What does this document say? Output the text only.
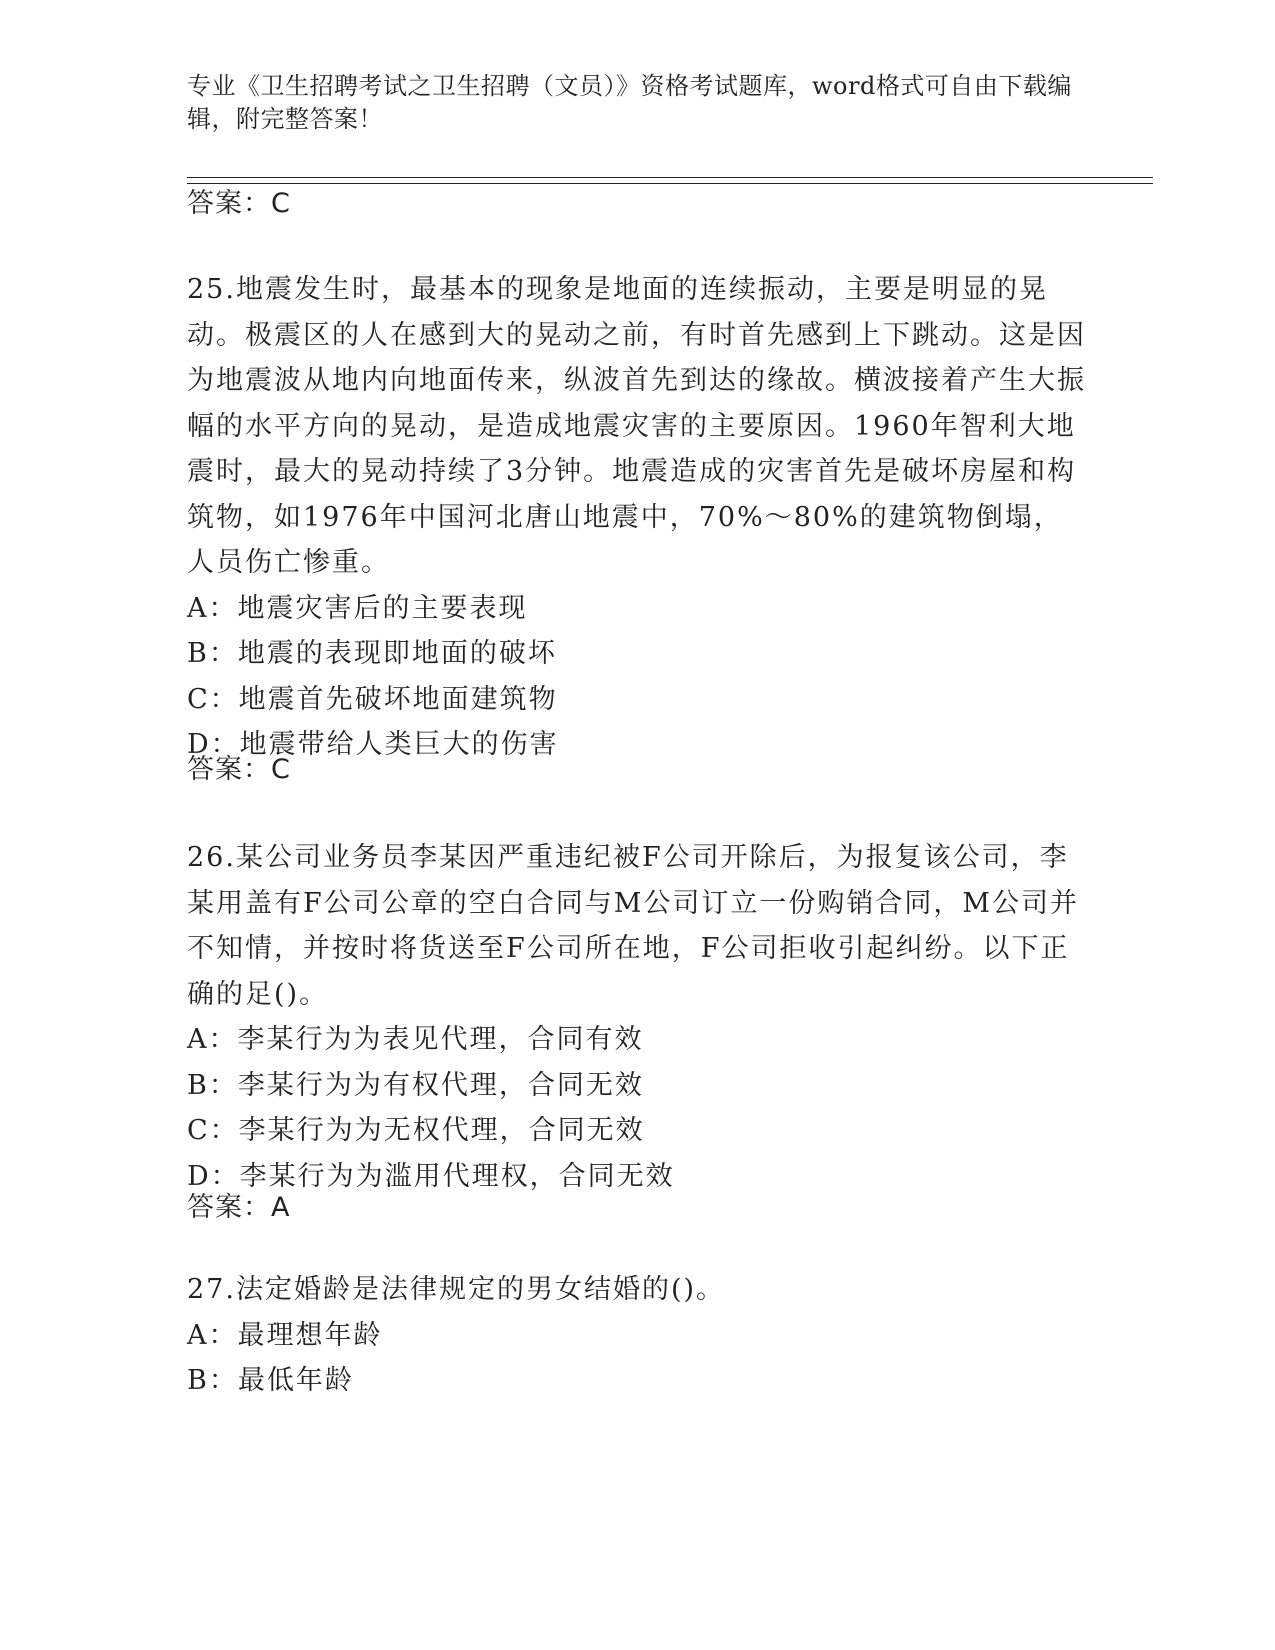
专业《卫生招聘考试之卫生招聘（文员）》资格考试题库，word格式可自由下载编辑，附完整答案！
答案：C

25.地震发生时，最基本的现象是地面的连续振动，主要是明显的晃动。极震区的人在感到大的晃动之前，有时首先感到上下跳动。这是因为地震波从地内向地面传来，纵波首先到达的缘故。横波接着产生大振幅的水平方向的晃动，是造成地震灾害的主要原因。1960年智利大地震时，最大的晃动持续了3分钟。地震造成的灾害首先是破坏房屋和构筑物，如1976年中国河北唐山地震中，70%～80%的建筑物倒塌，人员伤亡惨重。

A：地震灾害后的主要表现

B：地震的表现即地面的破坏

C：地震首先破坏地面建筑物

D：地震带给人类巨大的伤害

答案：C

26.某公司业务员李某因严重违纪被F公司开除后，为报复该公司，李某用盖有F公司公章的空白合同与M公司订立一份购销合同，M公司并不知情，并按时将货送至F公司所在地，F公司拒收引起纠纷。以下正确的足()。

A：李某行为为表见代理，合同有效

B：李某行为为有权代理，合同无效

C：李某行为为无权代理，合同无效

D：李某行为为滥用代理权，合同无效

答案：A

27.法定婚龄是法律规定的男女结婚的()。

A：最理想年龄

B：最低年龄
